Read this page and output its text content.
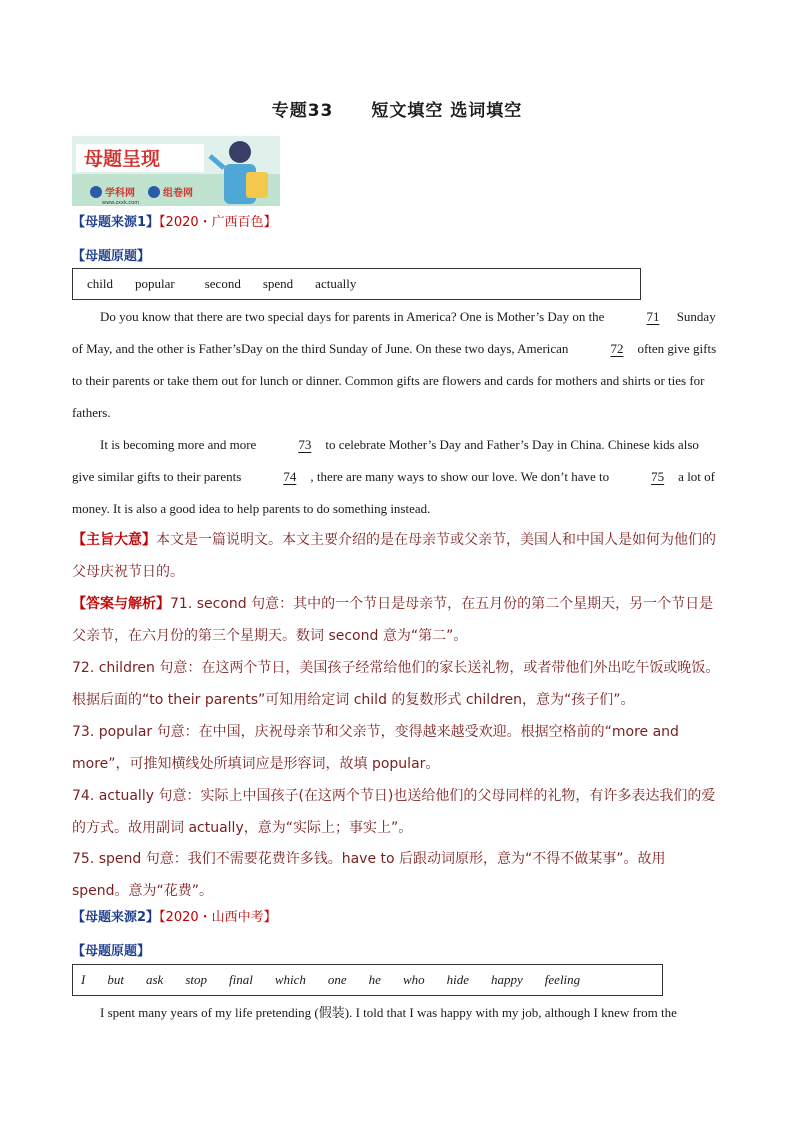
专题33 短文填空 选词填空
母题呈现
学科网
www.zxxk.com
组卷网
【母题来源1】【2020・广西百色】
【母题原题】
child popular second spend actually
Do you know that there are two special days for parents in America? One is Mother’s Day on the	71 Sunday of May, and the other is Father’sDay on the third Sunday of June. On these two days, American	72 often give gifts to their parents or take them out for lunch or dinner. Common gifts are flowers and cards for mothers and shirts or ties for fathers.
It is becoming more and more	73 to celebrate Mother’s Day and Father’s Day in China. Chinese kids also give similar gifts to their parents	74 , there are many ways to show our love. We don’t have to	75 a lot of money. It is also a good idea to help parents to do something instead.
【主旨大意】本文是一篇说明文。本文主要介绍的是在母亲节或父亲节，美国人和中国人是如何为他们的父母庆祝节日的。
【答案与解析】71. second 句意：其中的一个节日是母亲节，在五月份的第二个星期天，另一个节日是父亲节，在六月份的第三个星期天。数词 second 意为“第二”。
72. children 句意：在这两个节日，美国孩子经常给他们的家长送礼物，或者带他们外出吃午饭或晚饭。根据后面的“to their parents”可知用给定词 child 的复数形式 children，意为“孩子们”。
73. popular 句意：在中国，庆祝母亲节和父亲节，变得越来越受欢迎。根据空格前的“more and more”，可推知横线处所填词应是形容词，故填 popular。
74. actually 句意：实际上中国孩子(在这两个节日)也送给他们的父母同样的礼物，有许多表达我们的爱的方式。故用副词 actually，意为“实际上；事实上”。
75. spend 句意：我们不需要花费许多钱。have to 后跟动词原形，意为“不得不做某事”。故用 spend。意为“花费”。
【母题来源2】【2020・山西中考】
【母题原题】
I but ask stop final which one he who hide happy feeling
I spent many years of my life pretending (假装). I told that I was happy with my job, although I knew from the
